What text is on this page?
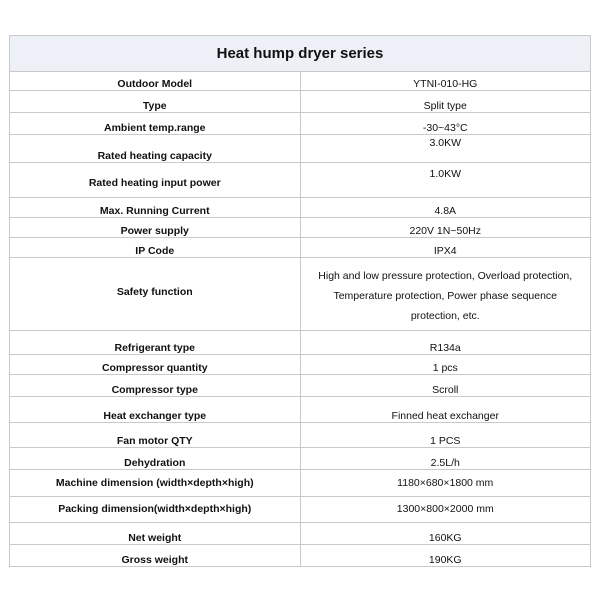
Heat hump dryer series	
Outdoor Model	YTNI-010-HG
Type	Split type
Ambient temp.range	-30~43°C
Rated heating capacity	3.0KW
Rated heating input power	1.0KW
Max. Running Current	4.8A
Power supply	220V 1N~50Hz
IP Code	IPX4
Safety function	High and low pressure protection, Overload protection,
Temperature protection, Power phase sequence
protection, etc.

Refrigerant type	R134a
Compressor quantity	1 pcs
Compressor type	Scroll
Heat exchanger type	Finned heat exchanger
Fan motor QTY	1 PCS
Dehydration	2.5L/h
Machine dimension (width×depth×high)	1180×680×1800 mm
Packing dimension(width×depth×high)	1300×800×2000 mm
Net weight	160KG
Gross weight	190KG
